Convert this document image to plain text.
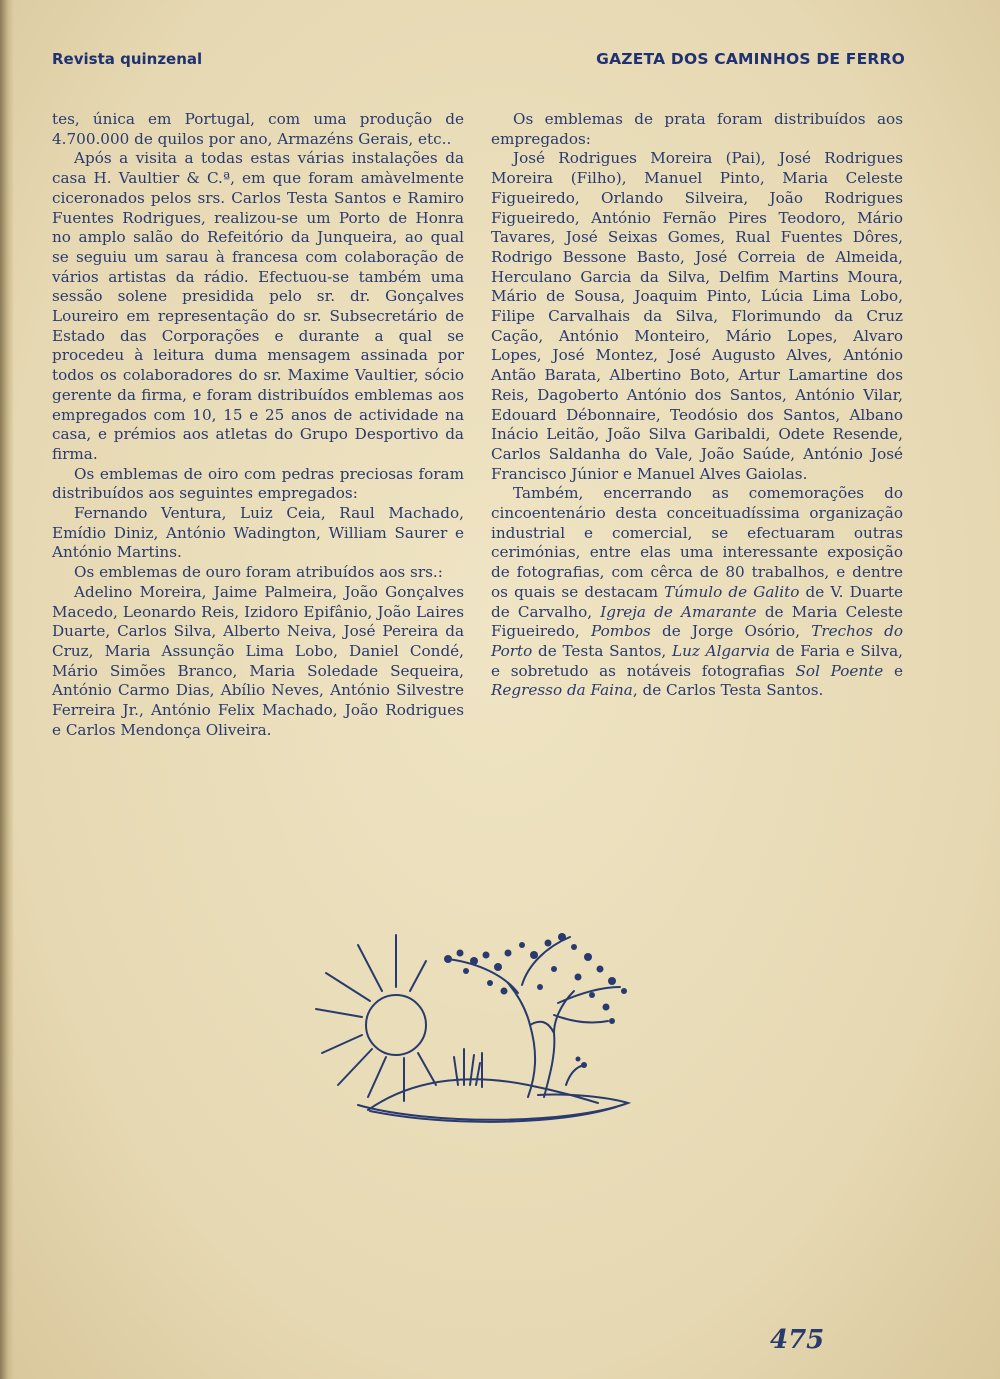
Revista quinzenal	GAZETA DOS CAMINHOS DE FERRO

tes, única em Portugal, com uma produção de 4.700.000 de quilos por ano, Armazéns Gerais, etc..

Após a visita a todas estas várias instalações da casa H. Vaultier & C.ª, em que foram amàvelmente ciceronados pelos srs. Carlos Testa Santos e Ramiro Fuentes Rodrigues, realizou-se um Porto de Honra no amplo salão do Refeitório da Junqueira, ao qual se seguiu um sarau à francesa com colaboração de vários artistas da rádio. Efectuou-se também uma sessão solene presidida pelo sr. dr. Gonçalves Loureiro em representação do sr. Subsecretário de Estado das Corporações e durante a qual se procedeu à leitura duma mensagem assinada por todos os colaboradores do sr. Maxime Vaultier, sócio gerente da firma, e foram distribuídos emblemas aos empregados com 10, 15 e 25 anos de actividade na casa, e prémios aos atletas do Grupo Desportivo da firma.

Os emblemas de oiro com pedras preciosas foram distribuídos aos seguintes empregados:

Fernando Ventura, Luiz Ceia, Raul Machado, Emídio Diniz, António Wadington, William Saurer e António Martins.

Os emblemas de ouro foram atribuídos aos srs.:

Adelino Moreira, Jaime Palmeira, João Gonçalves Macedo, Leonardo Reis, Izidoro Epifânio, João Laires Duarte, Carlos Silva, Alberto Neiva, José Pereira da Cruz, Maria Assunção Lima Lobo, Daniel Condé, Mário Simões Branco, Maria Soledade Sequeira, António Carmo Dias, Abílio Neves, António Silvestre Ferreira Jr., António Felix Machado, João Rodrigues e Carlos Mendonça Oliveira.

Os emblemas de prata foram distribuídos aos empregados:

José Rodrigues Moreira (Pai), José Rodrigues Moreira (Filho), Manuel Pinto, Maria Celeste Figueiredo, Orlando Silveira, João Rodrigues Figueiredo, António Fernão Pires Teodoro, Mário Tavares, José Seixas Gomes, Rual Fuentes Dôres, Rodrigo Bessone Basto, José Correia de Almeida, Herculano Garcia da Silva, Delfim Martins Moura, Mário de Sousa, Joaquim Pinto, Lúcia Lima Lobo, Filipe Carvalhais da Silva, Florimundo da Cruz Cação, António Monteiro, Mário Lopes, Alvaro Lopes, José Montez, José Augusto Alves, António Antão Barata, Albertino Boto, Artur Lamartine dos Reis, Dagoberto António dos Santos, António Vilar, Edouard Débonnaire, Teodósio dos Santos, Albano Inácio Leitão, João Silva Garibaldi, Odete Resende, Carlos Saldanha do Vale, João Saúde, António José Francisco Júnior e Manuel Alves Gaiolas.

Também, encerrando as comemorações do cincoentenário desta conceituadíssima organização industrial e comercial, se efectuaram outras cerimónias, entre elas uma interessante exposição de fotografias, com cêrca de 80 trabalhos, e dentre os quais se destacam Túmulo de Galito de V. Duarte de Carvalho, Igreja de Amarante de Maria Celeste Figueiredo, Pombos de Jorge Osório, Trechos do Porto de Testa Santos, Luz Algarvia de Faria e Silva, e sobretudo as notáveis fotografias Sol Poente e Regresso da Faina, de Carlos Testa Santos.

475
